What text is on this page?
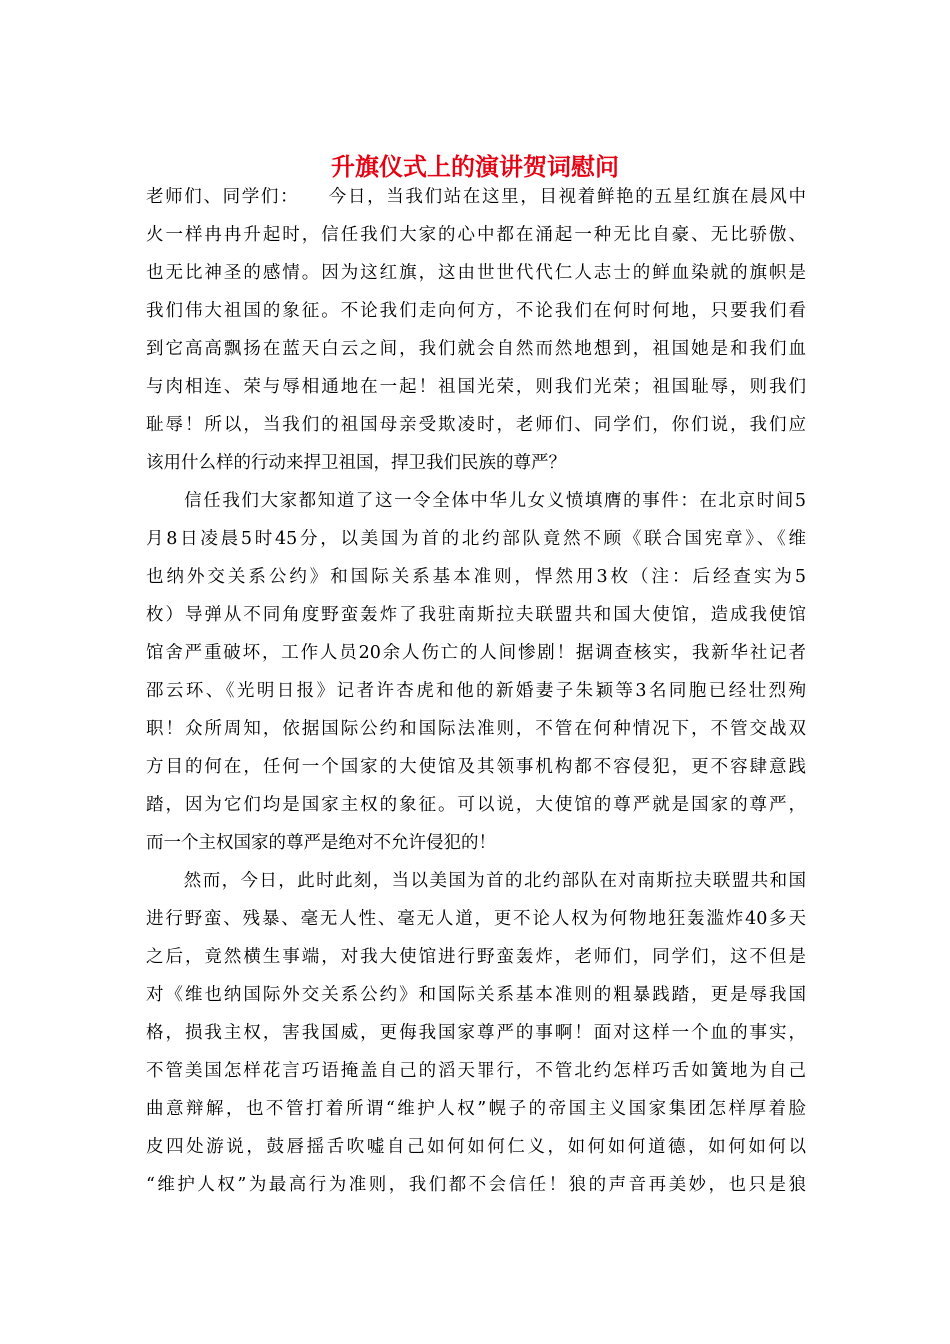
升旗仪式上的演讲贺词慰问
老师们、同学们：　　今日，当我们站在这里，目视着鲜艳的五星红旗在晨风中
火一样冉冉升起时，信任我们大家的心中都在涌起一种无比自豪、无比骄傲、
也无比神圣的感情。因为这红旗，这由世世代代仁人志士的鲜血染就的旗帜是
我们伟大祖国的象征。不论我们走向何方，不论我们在何时何地，只要我们看
到它高高飘扬在蓝天白云之间，我们就会自然而然地想到，祖国她是和我们血
与肉相连、荣与辱相通地在一起！祖国光荣，则我们光荣；祖国耻辱，则我们
耻辱！所以，当我们的祖国母亲受欺凌时，老师们、同学们，你们说，我们应
该用什么样的行动来捍卫祖国，捍卫我们民族的尊严？
　　信任我们大家都知道了这一令全体中华儿女义愤填膺的事件：在北京时间5
月8日凌晨5时45分，以美国为首的北约部队竟然不顾《联合国宪章》、《维
也纳外交关系公约》和国际关系基本准则，悍然用3枚（注：后经查实为5
枚）导弹从不同角度野蛮轰炸了我驻南斯拉夫联盟共和国大使馆，造成我使馆
馆舍严重破坏，工作人员20余人伤亡的人间惨剧！据调查核实，我新华社记者
邵云环、《光明日报》记者许杏虎和他的新婚妻子朱颖等3名同胞已经壮烈殉
职！众所周知，依据国际公约和国际法准则，不管在何种情况下，不管交战双
方目的何在，任何一个国家的大使馆及其领事机构都不容侵犯，更不容肆意践
踏，因为它们均是国家主权的象征。可以说，大使馆的尊严就是国家的尊严，
而一个主权国家的尊严是绝对不允许侵犯的！
　　然而，今日，此时此刻，当以美国为首的北约部队在对南斯拉夫联盟共和国
进行野蛮、残暴、毫无人性、毫无人道，更不论人权为何物地狂轰滥炸40多天
之后，竟然横生事端，对我大使馆进行野蛮轰炸，老师们，同学们，这不但是
对《维也纳国际外交关系公约》和国际关系基本准则的粗暴践踏，更是辱我国
格，损我主权，害我国威，更侮我国家尊严的事啊！面对这样一个血的事实，
不管美国怎样花言巧语掩盖自己的滔天罪行，不管北约怎样巧舌如簧地为自己
曲意辩解，也不管打着所谓“维护人权”幌子的帝国主义国家集团怎样厚着脸
皮四处游说，鼓唇摇舌吹嘘自己如何如何仁义，如何如何道德，如何如何以
“维护人权”为最高行为准则，我们都不会信任！狼的声音再美妙，也只是狼
